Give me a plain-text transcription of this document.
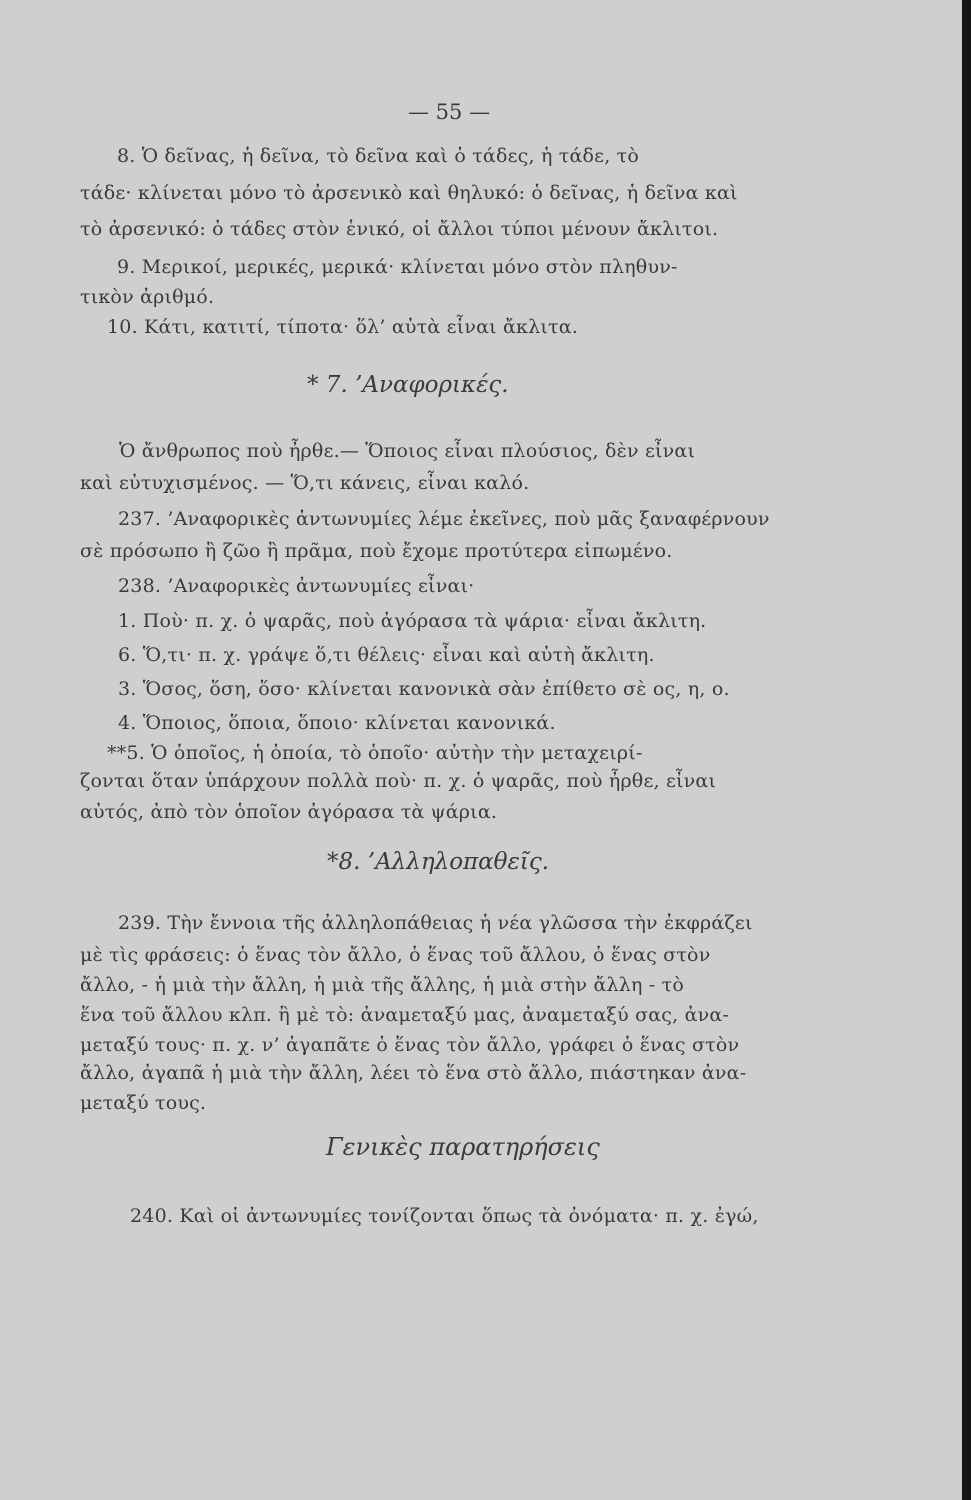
— 55 —
8. Ὁ δεῖνας, ἡ δεῖνα, τὸ δεῖνα καὶ ὁ τάδες, ἡ τάδε, τὸ
τάδε· κλίνεται μόνο τὸ ἀρσενικὸ καὶ θηλυκό: ὁ δεῖνας, ἡ δεῖνα καὶ
τὸ ἀρσενικό: ὁ τάδες στὸν ἑνικό, οἱ ἄλλοι τύποι μένουν ἄκλιτοι.
9. Μερικοί, μερικές, μερικά· κλίνεται μόνο στὸν πληθυν-
τικὸν ἀριθμό.
10. Κάτι, κατιτί, τίποτα· ὅλ’ αὐτὰ εἶναι ἄκλιτα.
* 7. ’Αναφορικές.
Ὁ ἄνθρωπος ποὺ ἦρθε.— Ὅποιος εἶναι πλούσιος, δὲν εἶναι
καὶ εὐτυχισμένος. — Ὅ,τι κάνεις, εἶναι καλό.
237. ’Αναφορικὲς ἀντωνυμίες λέμε ἐκεῖνες, ποὺ μᾶς ξαναφέρνουν
σὲ πρόσωπο ἢ ζῶο ἢ πρᾶμα, ποὺ ἔχομε προτύτερα εἰπωμένο.
238. ’Αναφορικὲς ἀντωνυμίες εἶναι·
1. Ποὺ· π. χ. ὁ ψαρᾶς, ποὺ ἀγόρασα τὰ ψάρια· εἶναι ἄκλιτη.
6. Ὅ,τι· π. χ. γράψε ὅ,τι θέλεις· εἶναι καὶ αὐτὴ ἄκλιτη.
3. Ὅσος, ὅση, ὅσο· κλίνεται κανονικὰ σὰν ἐπίθετο σὲ ος, η, ο.
4. Ὅποιος, ὅποια, ὅποιο· κλίνεται κανονικά.
**5. Ὁ ὁποῖος, ἡ ὁποία, τὸ ὁποῖο· αὐτὴν τὴν μεταχειρί-
ζονται ὅταν ὑπάρχουν πολλὰ ποὺ· π. χ. ὁ ψαρᾶς, ποὺ ἦρθε, εἶναι
αὐτός, ἀπὸ τὸν ὁποῖον ἀγόρασα τὰ ψάρια.
*8. ’Αλληλοπαθεῖς.
239. Τὴν ἔννοια τῆς ἀλληλοπάθειας ἡ νέα γλῶσσα τὴν ἐκφράζει
μὲ τὶς φράσεις: ὁ ἕνας τὸν ἄλλο, ὁ ἕνας τοῦ ἄλλου, ὁ ἕνας στὸν
ἄλλο, - ἡ μιὰ τὴν ἄλλη, ἡ μιὰ τῆς ἄλλης, ἡ μιὰ στὴν ἄλλη - τὸ
ἕνα τοῦ ἄλλου κλπ. ἢ μὲ τὸ: ἀναμεταξύ μας, ἀναμεταξύ σας, ἀνα-
μεταξύ τους· π. χ. ν’ ἀγαπᾶτε ὁ ἕνας τὸν ἄλλο, γράφει ὁ ἕνας στὸν
ἄλλο, ἀγαπᾶ ἡ μιὰ τὴν ἄλλη, λέει τὸ ἕνα στὸ ἄλλο, πιάστηκαν ἀνα-
μεταξύ τους.
Γενικὲς παρατηρήσεις
240. Καὶ οἱ ἀντωνυμίες τονίζονται ὅπως τὰ ὀνόματα· π. χ. ἐγώ,
